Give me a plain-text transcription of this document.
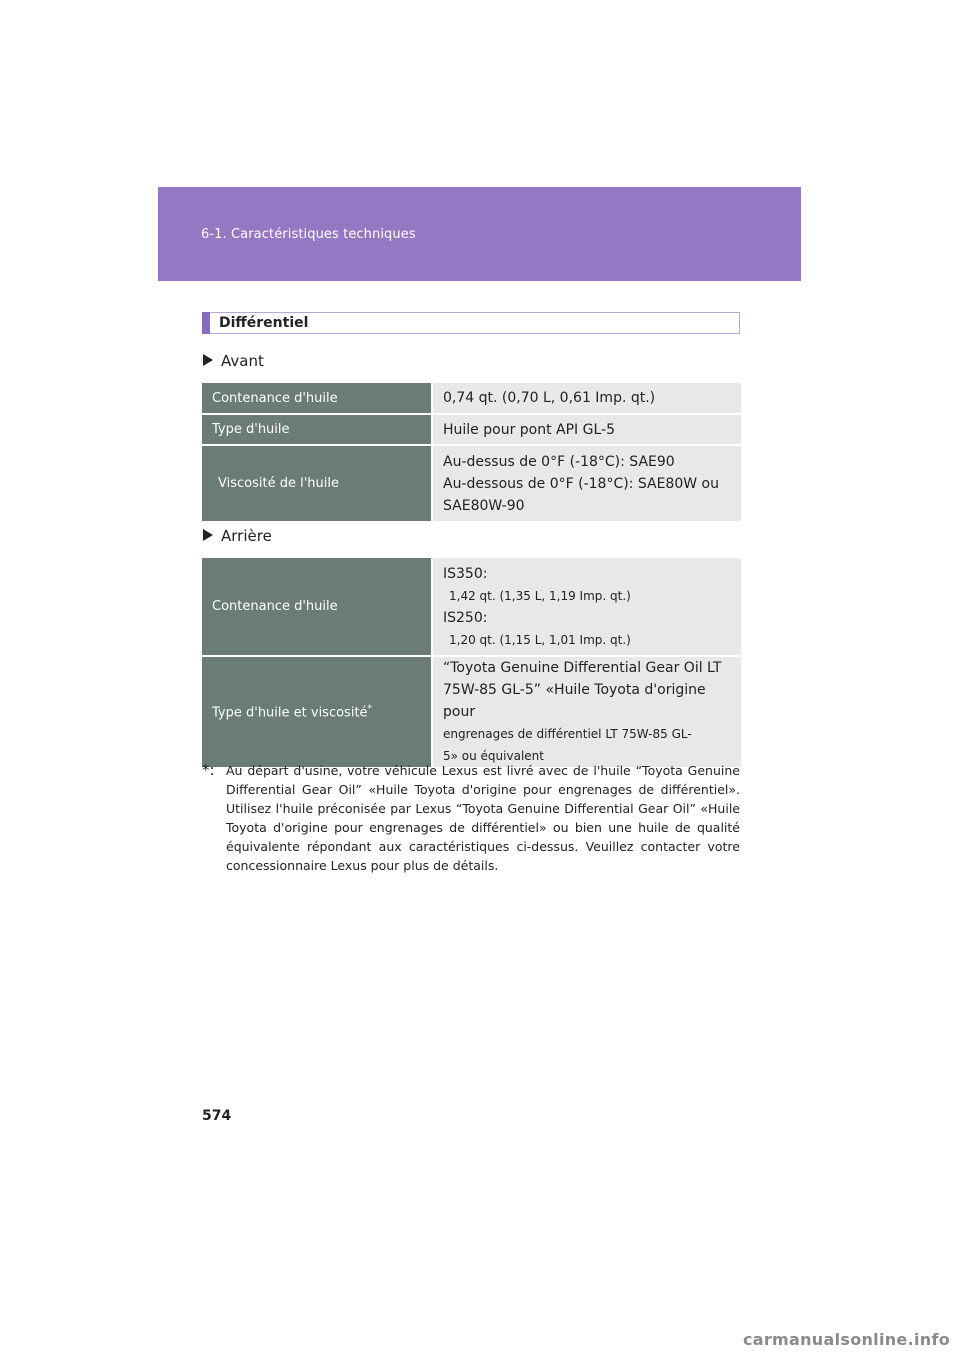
6-1. Caractéristiques techniques
Différentiel
Avant
Contenance d'huile	0,74 qt. (0,70 L, 0,61 Imp. qt.)
Type d'huile	Huile pour pont API GL-5
Viscosité de l'huile	Au-dessus de 0°F (-18°C): SAE90
Au-dessous de 0°F (-18°C): SAE80W ou
SAE80W-90
Arrière
Contenance d'huile	IS350:
1,42 qt. (1,35 L, 1,19 Imp. qt.)
IS250:
1,20 qt. (1,15 L, 1,01 Imp. qt.)

Type d'huile et viscosité*	“Toyota Genuine Differential Gear Oil LT
75W-85 GL-5” «Huile Toyota d'origine pour
engrenages de différentiel LT 75W-85 GL-
5» ou équivalent
*: Au départ d'usine, votre véhicule Lexus est livré avec de l'huile “Toyota Genuine Differential Gear Oil” «Huile Toyota d'origine pour engrenages de différentiel». Utilisez l'huile préconisée par Lexus “Toyota Genuine Differential Gear Oil” «Huile Toyota d'origine pour engrenages de différentiel» ou bien une huile de qualité équivalente répondant aux caractéristiques ci-dessus. Veuillez contacter votre concessionnaire Lexus pour plus de détails.
574
carmanualsonline.info
